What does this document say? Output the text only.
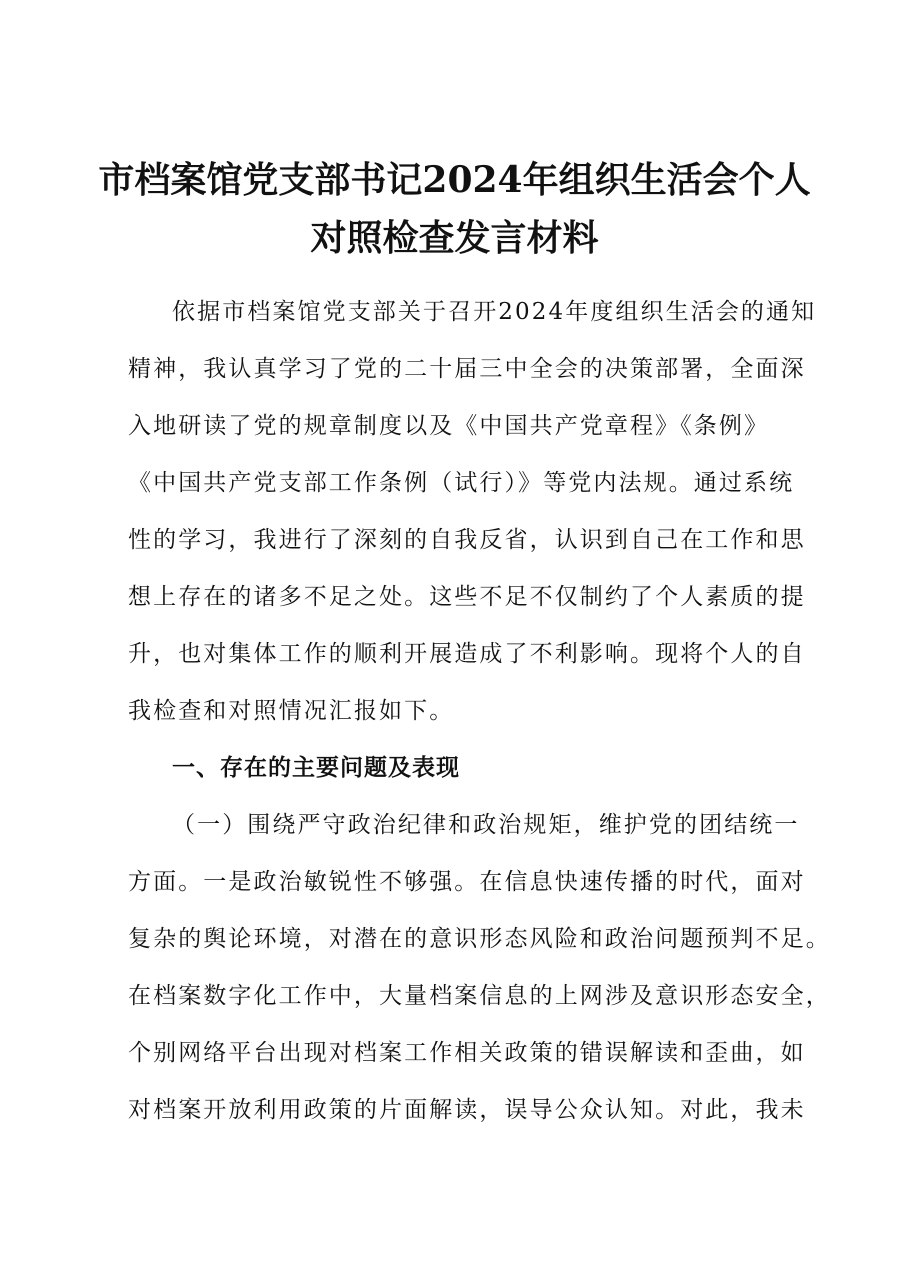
市档案馆党支部书记2024年组织生活会个人
对照检查发言材料
依据市档案馆党支部关于召开2024年度组织生活会的通知
精神，我认真学习了党的二十届三中全会的决策部署，全面深
入地研读了党的规章制度以及《中国共产党章程》《条例》
《中国共产党支部工作条例（试行）》等党内法规。通过系统
性的学习，我进行了深刻的自我反省，认识到自己在工作和思
想上存在的诸多不足之处。这些不足不仅制约了个人素质的提
升，也对集体工作的顺利开展造成了不利影响。现将个人的自
我检查和对照情况汇报如下。
一、存在的主要问题及表现
（一）围绕严守政治纪律和政治规矩，维护党的团结统一
方面。一是政治敏锐性不够强。在信息快速传播的时代，面对
复杂的舆论环境，对潜在的意识形态风险和政治问题预判不足。
在档案数字化工作中，大量档案信息的上网涉及意识形态安全，
个别网络平台出现对档案工作相关政策的错误解读和歪曲，如
对档案开放利用政策的片面解读，误导公众认知。对此，我未
